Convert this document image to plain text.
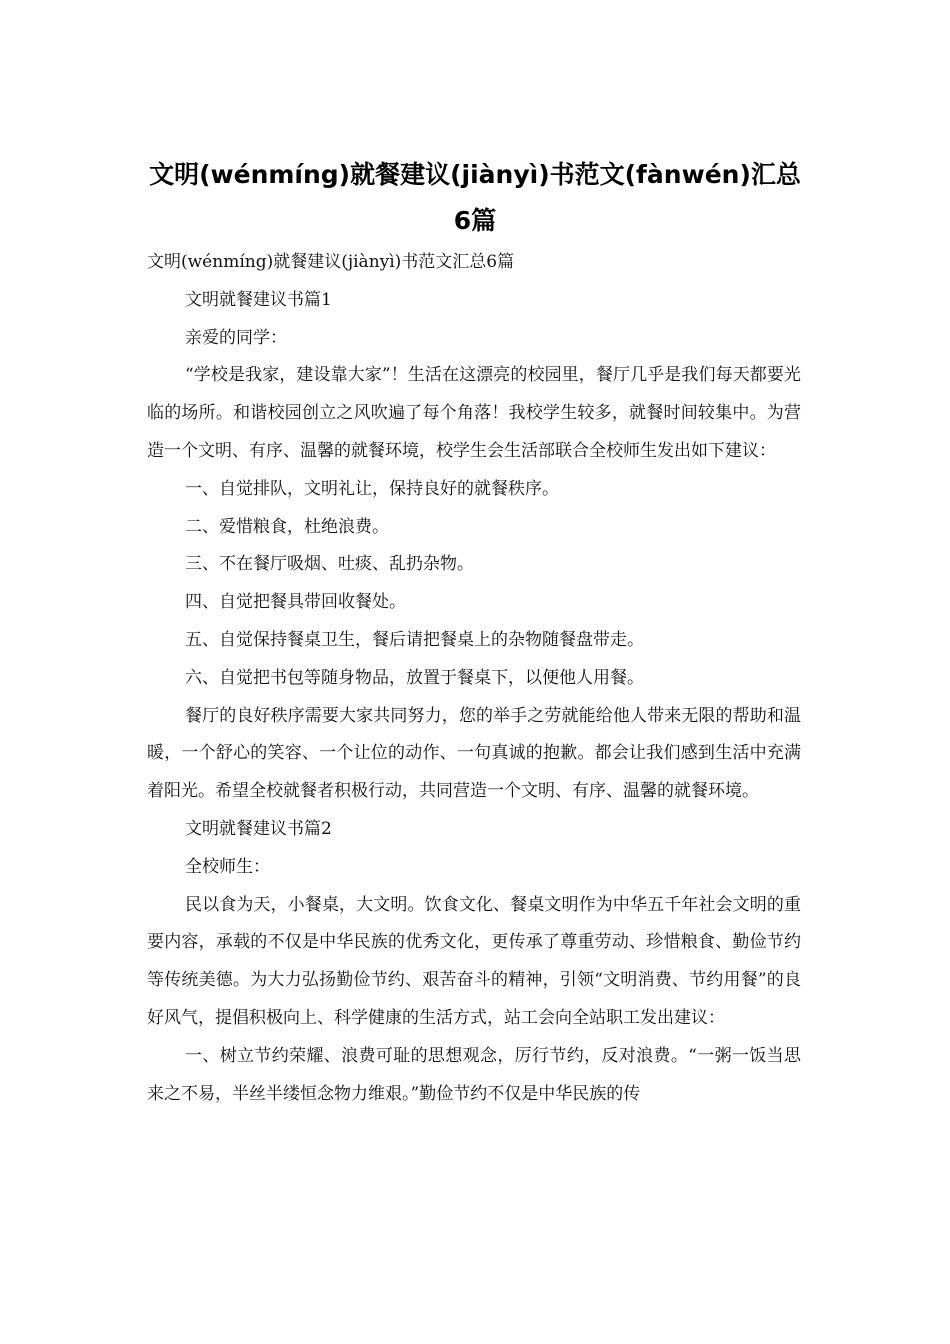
文明(wénmíng)就餐建议(jiànyì)书范文(fànwén)汇总6篇

文明(wénmíng)就餐建议(jiànyì)书范文汇总6篇

文明就餐建议书篇1

亲爱的同学：

“学校是我家，建设靠大家”！生活在这漂亮的校园里，餐厅几乎是我们每天都要光临的场所。和谐校园创立之风吹遍了每个角落！我校学生较多，就餐时间较集中。为营造一个文明、有序、温馨的就餐环境，校学生会生活部联合全校师生发出如下建议：

一、自觉排队，文明礼让，保持良好的就餐秩序。

二、爱惜粮食，杜绝浪费。

三、不在餐厅吸烟、吐痰、乱扔杂物。

四、自觉把餐具带回收餐处。

五、自觉保持餐桌卫生，餐后请把餐桌上的杂物随餐盘带走。

六、自觉把书包等随身物品，放置于餐桌下，以便他人用餐。

餐厅的良好秩序需要大家共同努力，您的举手之劳就能给他人带来无限的帮助和温暖，一个舒心的笑容、一个让位的动作、一句真诚的抱歉。都会让我们感到生活中充满着阳光。希望全校就餐者积极行动，共同营造一个文明、有序、温馨的就餐环境。

文明就餐建议书篇2

全校师生：

民以食为天，小餐桌，大文明。饮食文化、餐桌文明作为中华五千年社会文明的重要内容，承载的不仅是中华民族的优秀文化，更传承了尊重劳动、珍惜粮食、勤俭节约等传统美德。为大力弘扬勤俭节约、艰苦奋斗的精神，引领“文明消费、节约用餐”的良好风气，提倡积极向上、科学健康的生活方式，站工会向全站职工发出建议：

一、树立节约荣耀、浪费可耻的思想观念，厉行节约，反对浪费。“一粥一饭当思来之不易，半丝半缕恒念物力维艰。”勤俭节约不仅是中华民族的传
